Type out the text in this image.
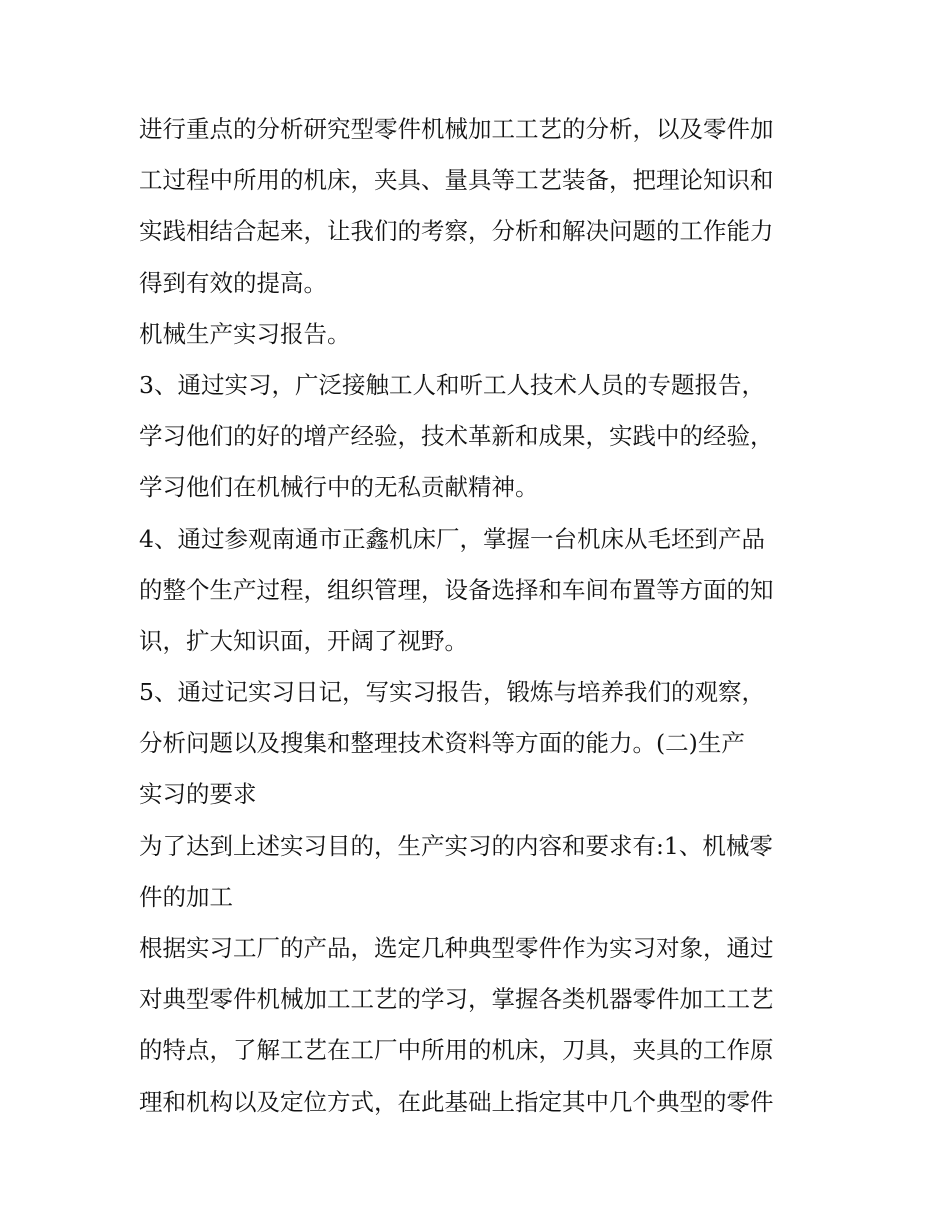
进行重点的分析研究型零件机械加工工艺的分析，以及零件加
工过程中所用的机床，夹具、量具等工艺装备，把理论知识和
实践相结合起来，让我们的考察，分析和解决问题的工作能力
得到有效的提高。
机械生产实习报告。
3、通过实习，广泛接触工人和听工人技术人员的专题报告，
学习他们的好的增产经验，技术革新和成果，实践中的经验，
学习他们在机械行中的无私贡献精神。
4、通过参观南通市正鑫机床厂，掌握一台机床从毛坯到产品
的整个生产过程，组织管理，设备选择和车间布置等方面的知
识，扩大知识面，开阔了视野。
5、通过记实习日记，写实习报告，锻炼与培养我们的观察，
分析问题以及搜集和整理技术资料等方面的能力。(二)生产
实习的要求
为了达到上述实习目的，生产实习的内容和要求有:1、机械零
件的加工
根据实习工厂的产品，选定几种典型零件作为实习对象，通过
对典型零件机械加工工艺的学习，掌握各类机器零件加工工艺
的特点，了解工艺在工厂中所用的机床，刀具，夹具的工作原
理和机构以及定位方式，在此基础上指定其中几个典型的零件
